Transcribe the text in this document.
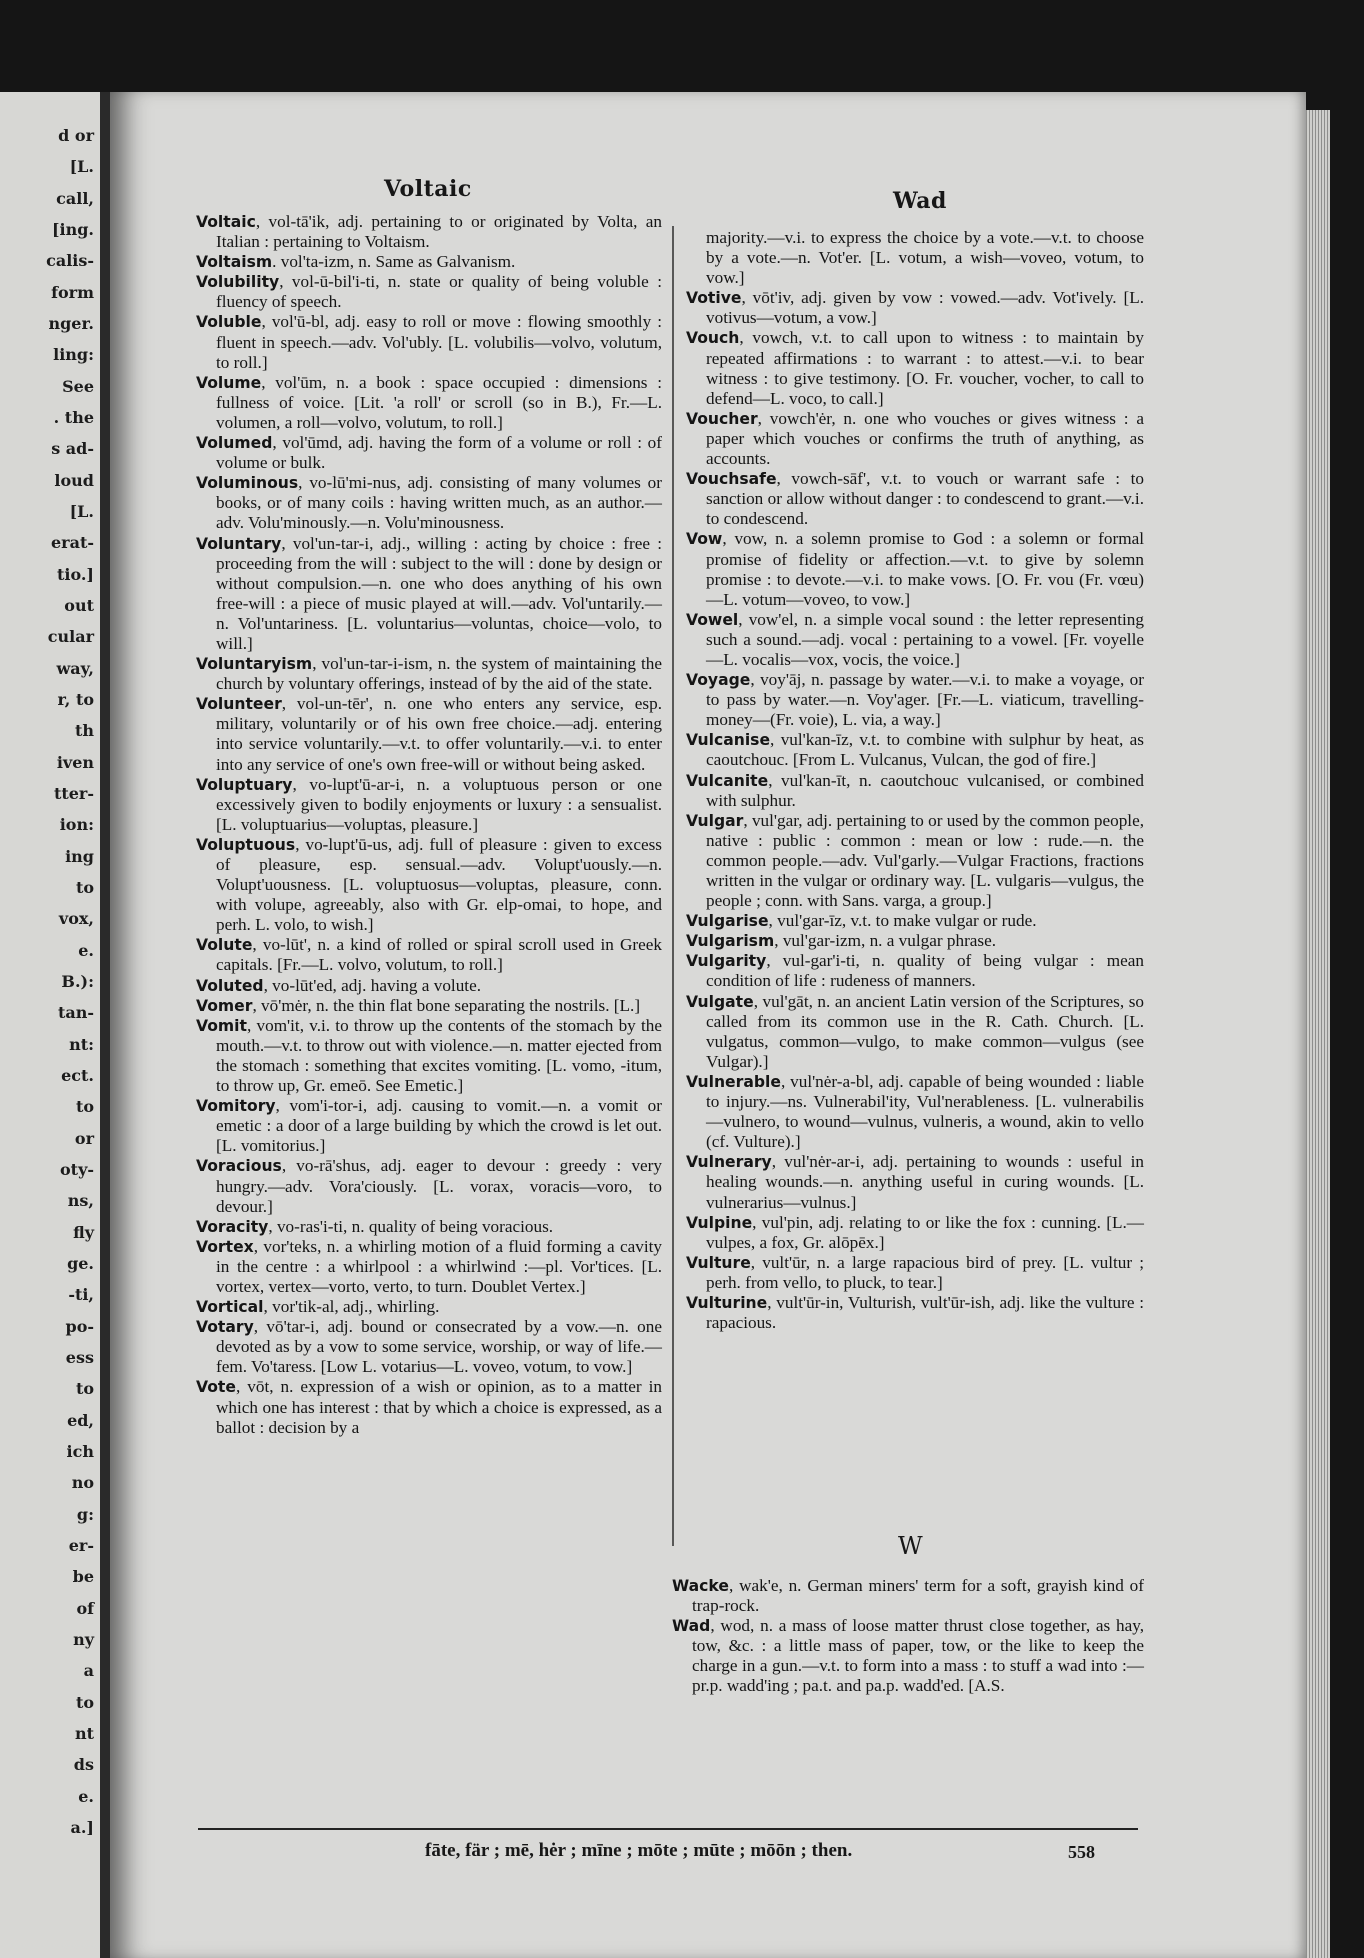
d or
[L.
call,
[ing.
calis-
form
nger.
ling:
See
. the
s ad-
loud
[L.
erat-
tio.]
out
cular
way,
r, to
th
iven
tter-
ion:
ing
to
vox,
e.
B.):
tan-
nt:
ect.
to
or
oty-
ns,
fly
ge.
-ti,
po-
ess
to
ed,
ich
no
g:
er-
be
of
ny
a
to
nt
ds
e.
a.]
Voltaic	Wad

Voltaic, vol-tā'ik, adj. pertaining to or originated by Volta, an Italian : pertaining to Voltaism.

Voltaism. vol'ta-izm, n. Same as Galvanism.

Volubility, vol-ū-bil'i-ti, n. state or quality of being voluble : fluency of speech.

Voluble, vol'ū-bl, adj. easy to roll or move : flowing smoothly : fluent in speech.—adv. Vol'ubly. [L. volubilis—volvo, volutum, to roll.]

Volume, vol'ūm, n. a book : space occupied : dimensions : fullness of voice. [Lit. 'a roll' or scroll (so in B.), Fr.—L. volumen, a roll—volvo, volutum, to roll.]

Volumed, vol'ūmd, adj. having the form of a volume or roll : of volume or bulk.

Voluminous, vo-lū'mi-nus, adj. consisting of many volumes or books, or of many coils : having written much, as an author.—adv. Volu'minously.—n. Volu'minousness.

Voluntary, vol'un-tar-i, adj., willing : acting by choice : free : proceeding from the will : subject to the will : done by design or without compulsion.—n. one who does anything of his own free-will : a piece of music played at will.—adv. Vol'untarily.—n. Vol'untariness. [L. voluntarius—voluntas, choice—volo, to will.]

Voluntaryism, vol'un-tar-i-ism, n. the system of maintaining the church by voluntary offerings, instead of by the aid of the state.

Volunteer, vol-un-tēr', n. one who enters any service, esp. military, voluntarily or of his own free choice.—adj. entering into service voluntarily.—v.t. to offer voluntarily.—v.i. to enter into any service of one's own free-will or without being asked.

Voluptuary, vo-lupt'ū-ar-i, n. a voluptuous person or one excessively given to bodily enjoyments or luxury : a sensualist. [L. voluptuarius—voluptas, pleasure.]

Voluptuous, vo-lupt'ū-us, adj. full of pleasure : given to excess of pleasure, esp. sensual.—adv. Volupt'uously.—n. Volupt'uousness. [L. voluptuosus—voluptas, pleasure, conn. with volupe, agreeably, also with Gr. elp-omai, to hope, and perh. L. volo, to wish.]

Volute, vo-lūt', n. a kind of rolled or spiral scroll used in Greek capitals. [Fr.—L. volvo, volutum, to roll.]

Voluted, vo-lūt'ed, adj. having a volute.

Vomer, vō'mėr, n. the thin flat bone separating the nostrils. [L.]

Vomit, vom'it, v.i. to throw up the contents of the stomach by the mouth.—v.t. to throw out with violence.—n. matter ejected from the stomach : something that excites vomiting. [L. vomo, -itum, to throw up, Gr. emeō. See Emetic.]

Vomitory, vom'i-tor-i, adj. causing to vomit.—n. a vomit or emetic : a door of a large building by which the crowd is let out. [L. vomitorius.]

Voracious, vo-rā'shus, adj. eager to devour : greedy : very hungry.—adv. Vora'ciously. [L. vorax, voracis—voro, to devour.]

Voracity, vo-ras'i-ti, n. quality of being voracious.

Vortex, vor'teks, n. a whirling motion of a fluid forming a cavity in the centre : a whirlpool : a whirlwind :—pl. Vor'tices. [L. vortex, vertex—vorto, verto, to turn. Doublet Vertex.]

Vortical, vor'tik-al, adj., whirling.

Votary, vō'tar-i, adj. bound or consecrated by a vow.—n. one devoted as by a vow to some service, worship, or way of life.—fem. Vo'taress. [Low L. votarius—L. voveo, votum, to vow.]

Vote, vōt, n. expression of a wish or opinion, as to a matter in which one has interest : that by which a choice is expressed, as a ballot : decision by a

majority.—v.i. to express the choice by a vote.—v.t. to choose by a vote.—n. Vot'er. [L. votum, a wish—voveo, votum, to vow.]

Votive, vōt'iv, adj. given by vow : vowed.—adv. Vot'ively. [L. votivus—votum, a vow.]

Vouch, vowch, v.t. to call upon to witness : to maintain by repeated affirmations : to warrant : to attest.—v.i. to bear witness : to give testimony. [O. Fr. voucher, vocher, to call to defend—L. voco, to call.]

Voucher, vowch'ėr, n. one who vouches or gives witness : a paper which vouches or confirms the truth of anything, as accounts.

Vouchsafe, vowch-sāf', v.t. to vouch or warrant safe : to sanction or allow without danger : to condescend to grant.—v.i. to condescend.

Vow, vow, n. a solemn promise to God : a solemn or formal promise of fidelity or affection.—v.t. to give by solemn promise : to devote.—v.i. to make vows. [O. Fr. vou (Fr. vœu)—L. votum—voveo, to vow.]

Vowel, vow'el, n. a simple vocal sound : the letter representing such a sound.—adj. vocal : pertaining to a vowel. [Fr. voyelle—L. vocalis—vox, vocis, the voice.]

Voyage, voy'āj, n. passage by water.—v.i. to make a voyage, or to pass by water.—n. Voy'ager. [Fr.—L. viaticum, travelling-money—(Fr. voie), L. via, a way.]

Vulcanise, vul'kan-īz, v.t. to combine with sulphur by heat, as caoutchouc. [From L. Vulcanus, Vulcan, the god of fire.]

Vulcanite, vul'kan-īt, n. caoutchouc vulcanised, or combined with sulphur.

Vulgar, vul'gar, adj. pertaining to or used by the common people, native : public : common : mean or low : rude.—n. the common people.—adv. Vul'garly.—Vulgar Fractions, fractions written in the vulgar or ordinary way. [L. vulgaris—vulgus, the people ; conn. with Sans. varga, a group.]

Vulgarise, vul'gar-īz, v.t. to make vulgar or rude.

Vulgarism, vul'gar-izm, n. a vulgar phrase.

Vulgarity, vul-gar'i-ti, n. quality of being vulgar : mean condition of life : rudeness of manners.

Vulgate, vul'gāt, n. an ancient Latin version of the Scriptures, so called from its common use in the R. Cath. Church. [L. vulgatus, common—vulgo, to make common—vulgus (see Vulgar).]

Vulnerable, vul'nėr-a-bl, adj. capable of being wounded : liable to injury.—ns. Vulnerabil'ity, Vul'nerableness. [L. vulnerabilis—vulnero, to wound—vulnus, vulneris, a wound, akin to vello (cf. Vulture).]

Vulnerary, vul'nėr-ar-i, adj. pertaining to wounds : useful in healing wounds.—n. anything useful in curing wounds. [L. vulnerarius—vulnus.]

Vulpine, vul'pin, adj. relating to or like the fox : cunning. [L.—vulpes, a fox, Gr. alōpēx.]

Vulture, vult'ūr, n. a large rapacious bird of prey. [L. vultur ; perh. from vello, to pluck, to tear.]

Vulturine, vult'ūr-in, Vulturish, vult'ūr-ish, adj. like the vulture : rapacious.

W

Wacke, wak'e, n. German miners' term for a soft, grayish kind of trap-rock.

Wad, wod, n. a mass of loose matter thrust close together, as hay, tow, &c. : a little mass of paper, tow, or the like to keep the charge in a gun.—v.t. to form into a mass : to stuff a wad into :—pr.p. wadd'ing ; pa.t. and pa.p. wadd'ed. [A.S.

fāte, fär ; mē, hėr ; mīne ; mōte ; mūte ; mōōn ; then.	558
